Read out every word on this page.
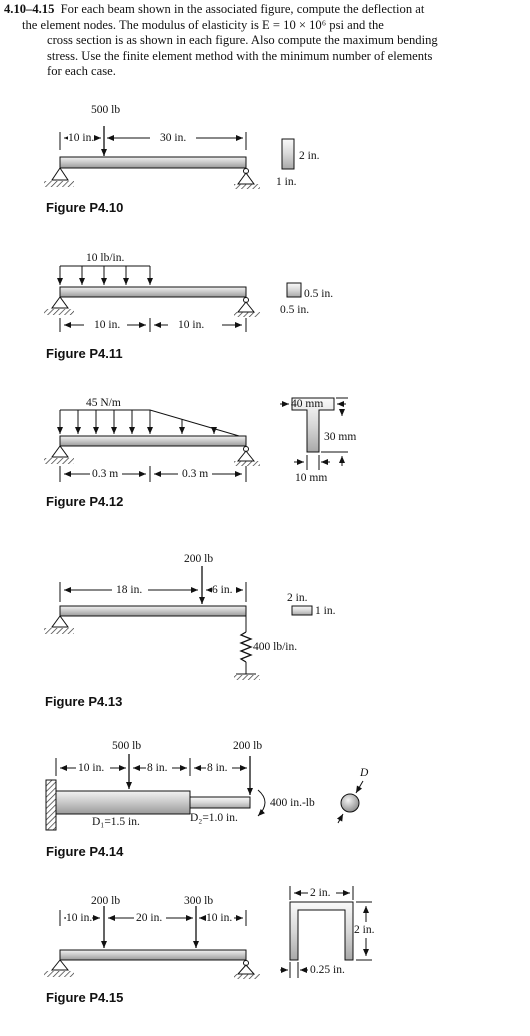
4.10–4.15 For each beam shown in the associated figure, compute the deflection at
the element nodes. The modulus of elasticity is E = 10 × 10⁶ psi and the
cross section is as shown in each figure. Also compute the maximum bending
stress. Use the finite element method with the minimum number of elements
for each case.
500 lb
10 in.	30 in.
2 in.
1 in.
Figure P4.10
10 lb/in.
10 in.	10 in.
0.5 in.
0.5 in.
Figure P4.11
45 N/m
0.3 m	0.3 m
40 mm
30 mm
10 mm
Figure P4.12
200 lb
18 in.	6 in.
2 in.
1 in.
400 lb/in.
Figure P4.13
500 lb	200 lb
10 in.	8 in.	8 in.
400 in.-lb
D₁=1.5 in.	D₂=1.0 in.
D
Figure P4.14
200 lb	300 lb
10 in.	20 in.	10 in.
2 in.
2 in.
0.25 in.
Figure P4.15
